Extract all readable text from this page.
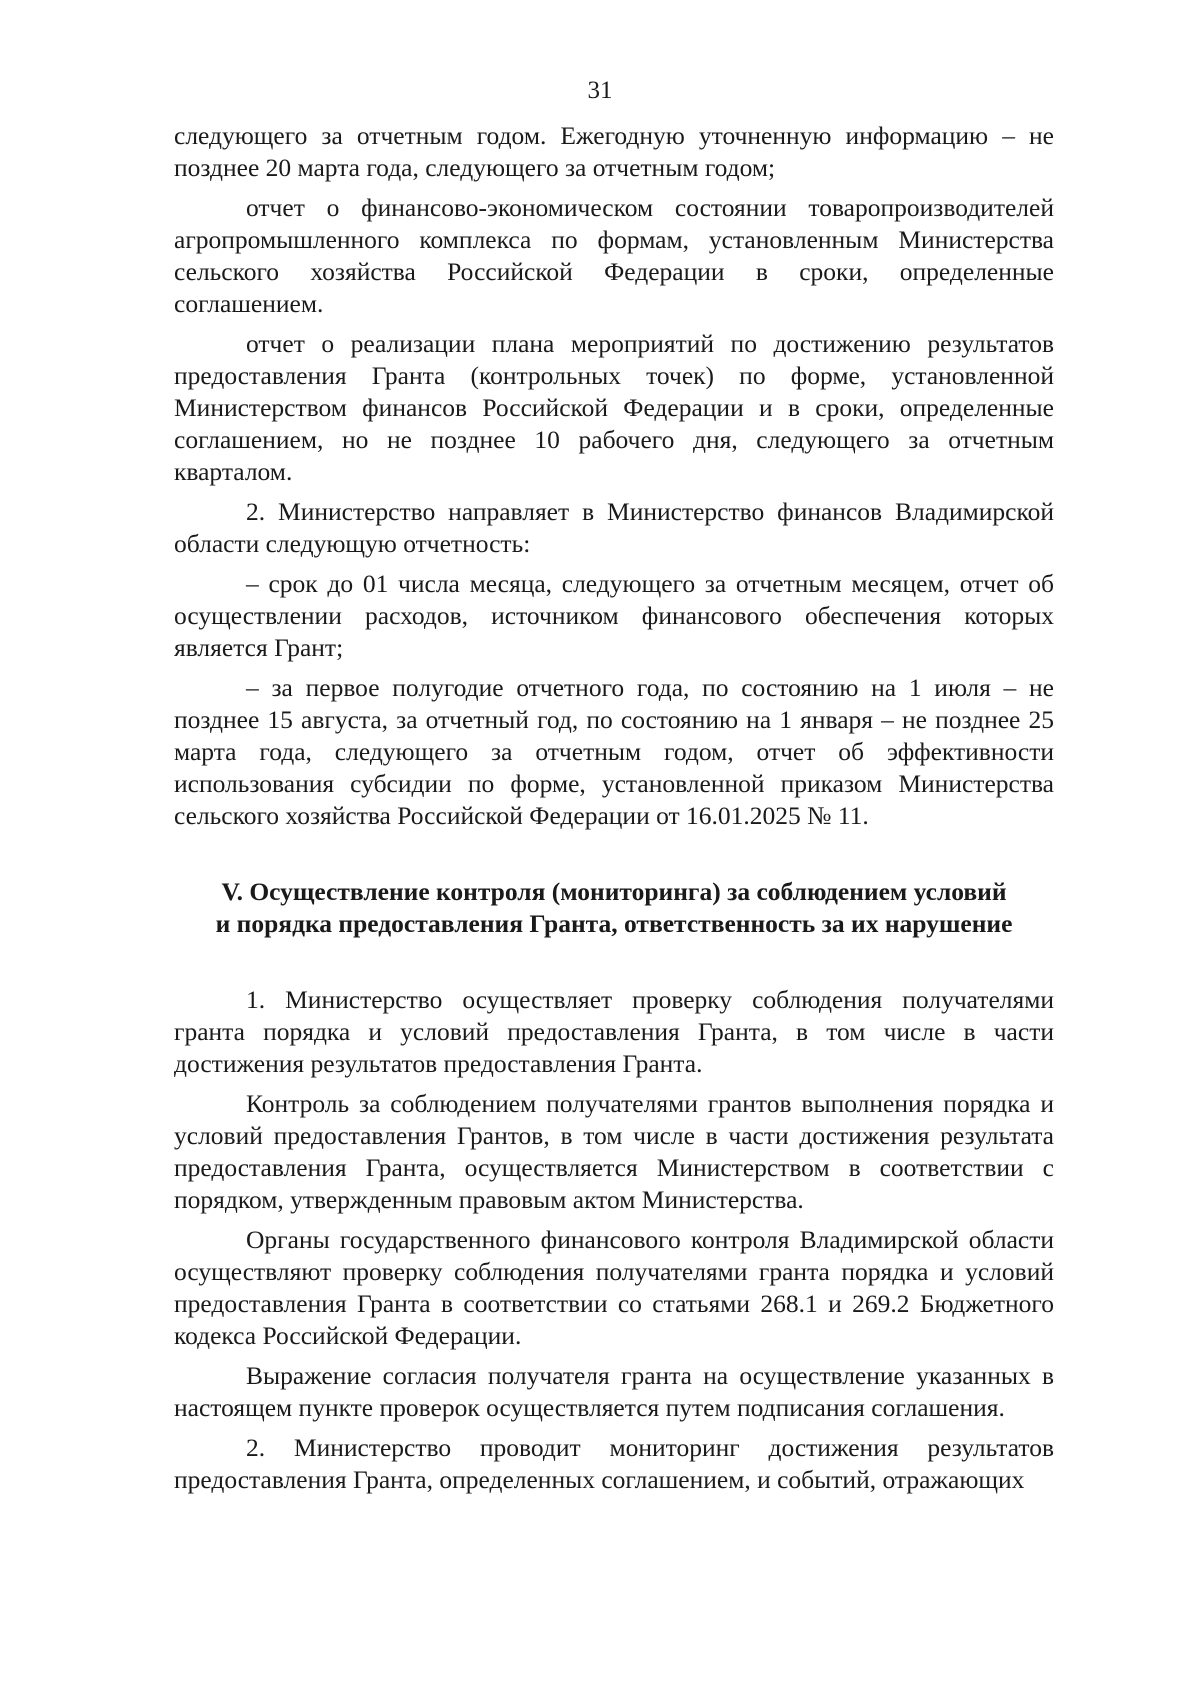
31

следующего за отчетным годом. Ежегодную уточненную информацию – не позднее 20 марта года, следующего за отчетным годом;

отчет о финансово-экономическом состоянии товаропроизводителей агропромышленного комплекса по формам, установленным Министерства сельского хозяйства Российской Федерации в сроки, определенные соглашением.

отчет о реализации плана мероприятий по достижению результатов предоставления Гранта (контрольных точек) по форме, установленной Министерством финансов Российской Федерации и в сроки, определенные соглашением, но не позднее 10 рабочего дня, следующего за отчетным кварталом.

2. Министерство направляет в Министерство финансов Владимирской области следующую отчетность:

– срок до 01 числа месяца, следующего за отчетным месяцем, отчет об осуществлении расходов, источником финансового обеспечения которых является Грант;

– за первое полугодие отчетного года, по состоянию на 1 июля – не позднее 15 августа, за отчетный год, по состоянию на 1 января – не позднее 25 марта года, следующего за отчетным годом, отчет об эффективности использования субсидии по форме, установленной приказом Министерства сельского хозяйства Российской Федерации от 16.01.2025 № 11.

V. Осуществление контроля (мониторинга) за соблюдением условий
и порядка предоставления Гранта, ответственность за их нарушение

1. Министерство осуществляет проверку соблюдения получателями гранта порядка и условий предоставления Гранта, в том числе в части достижения результатов предоставления Гранта.

Контроль за соблюдением получателями грантов выполнения порядка и условий предоставления Грантов, в том числе в части достижения результата предоставления Гранта, осуществляется Министерством в соответствии с порядком, утвержденным правовым актом Министерства.

Органы государственного финансового контроля Владимирской области осуществляют проверку соблюдения получателями гранта порядка и условий предоставления Гранта в соответствии со статьями 268.1 и 269.2 Бюджетного кодекса Российской Федерации.

Выражение согласия получателя гранта на осуществление указанных в настоящем пункте проверок осуществляется путем подписания соглашения.

2. Министерство проводит мониторинг достижения результатов предоставления Гранта, определенных соглашением, и событий, отражающих
